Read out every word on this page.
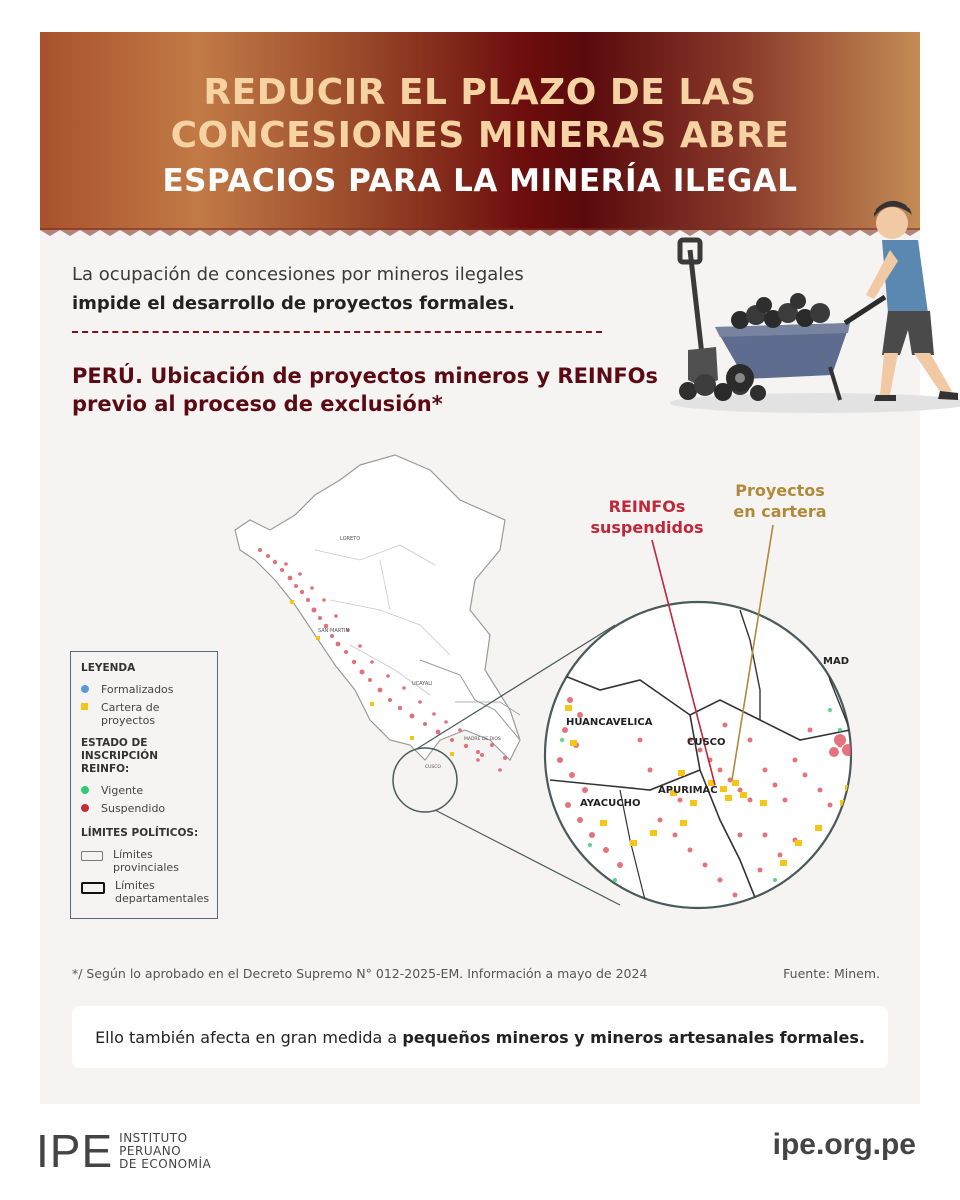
REDUCIR EL PLAZO DE LAS
CONCESIONES MINERAS ABRE
ESPACIOS PARA LA MINERÍA ILEGAL
La ocupación de concesiones por mineros ilegales
impide el desarrollo de proyectos formales.
PERÚ. Ubicación de proyectos mineros y REINFOs
previo al proceso de exclusión*
HUANCAVELICA
CUSCO
APURIMAC
AYACUCHO
MAD
LORETO
SAN MARTIN
UCAYALI
MADRE DE DIOS
CUSCO
REINFOs
suspendidos
Proyectos
en cartera
LEYENDA
Formalizados
Cartera de
proyectos
ESTADO DE
INSCRIPCIÓN REINFO:
Vigente
Suspendido
LÍMITES POLÍTICOS:
Límites
provinciales
Límites
departamentales
*/ Según lo aprobado en el Decreto Supremo N° 012-2025-EM. Información a mayo de 2024	Fuente: Minem.
Ello también afecta en gran medida a pequeños mineros y mineros artesanales formales.
IPE INSTITUTO
PERUANO
DE ECONOMÍA
ipe.org.pe
